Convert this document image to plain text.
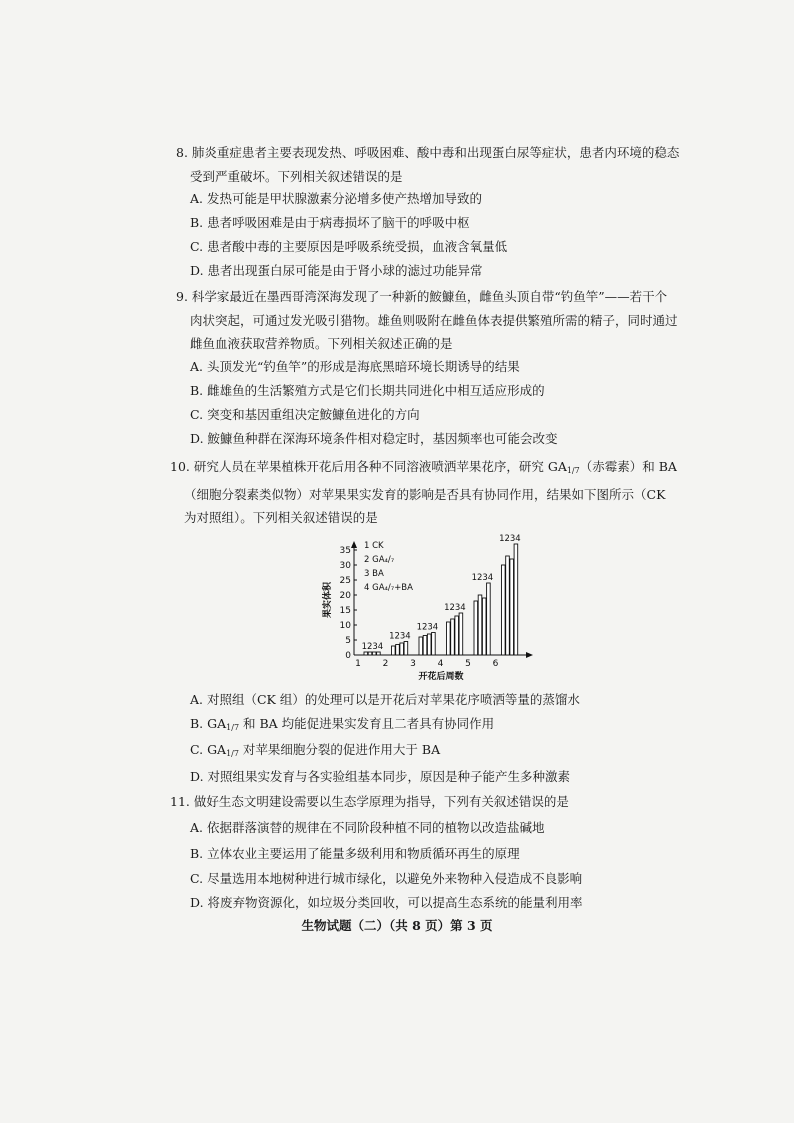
8. 肺炎重症患者主要表现发热、呼吸困难、酸中毒和出现蛋白尿等症状，患者内环境的稳态
受到严重破坏。下列相关叙述错误的是
A. 发热可能是甲状腺激素分泌增多使产热增加导致的
B. 患者呼吸困难是由于病毒损坏了脑干的呼吸中枢
C. 患者酸中毒的主要原因是呼吸系统受损，血液含氧量低
D. 患者出现蛋白尿可能是由于肾小球的滤过功能异常
9. 科学家最近在墨西哥湾深海发现了一种新的鮟鱇鱼，雌鱼头顶自带“钓鱼竿”——若干个
肉状突起，可通过发光吸引猎物。雄鱼则吸附在雌鱼体表提供繁殖所需的精子，同时通过
雌鱼血液获取营养物质。下列相关叙述正确的是
A. 头顶发光“钓鱼竿”的形成是海底黑暗环境长期诱导的结果
B. 雌雄鱼的生活繁殖方式是它们长期共同进化中相互适应形成的
C. 突变和基因重组决定鮟鱇鱼进化的方向
D. 鮟鱇鱼种群在深海环境条件相对稳定时，基因频率也可能会改变
10. 研究人员在苹果植株开花后用各种不同溶液喷洒苹果花序，研究 $GA_{1/7}$（赤霉素）和 BA
（细胞分裂素类似物）对苹果果实发育的影响是否具有协同作用，结果如下图所示（CK
为对照组）。下列相关叙述错误的是
0
5
10
15
20
25
30
35
果实体积
1234
1
1234
2
1234
3
1234
4
1234
5
1234
6
开花后周数
1 CK
2 GA₄/₇
3 BA
4 GA₄/₇+BA
A. 对照组（CK 组）的处理可以是开花后对苹果花序喷洒等量的蒸馏水
B. $GA_{1/7}$ 和 BA 均能促进果实发育且二者具有协同作用
C. $GA_{1/7}$ 对苹果细胞分裂的促进作用大于 BA
D. 对照组果实发育与各实验组基本同步，原因是种子能产生多种激素
11. 做好生态文明建设需要以生态学原理为指导，下列有关叙述错误的是
A. 依据群落演替的规律在不同阶段种植不同的植物以改造盐碱地
B. 立体农业主要运用了能量多级利用和物质循环再生的原理
C. 尽量选用本地树种进行城市绿化，以避免外来物种入侵造成不良影响
D. 将废弃物资源化，如垃圾分类回收，可以提高生态系统的能量利用率
生物试题（二）（共 8 页）第 3 页
